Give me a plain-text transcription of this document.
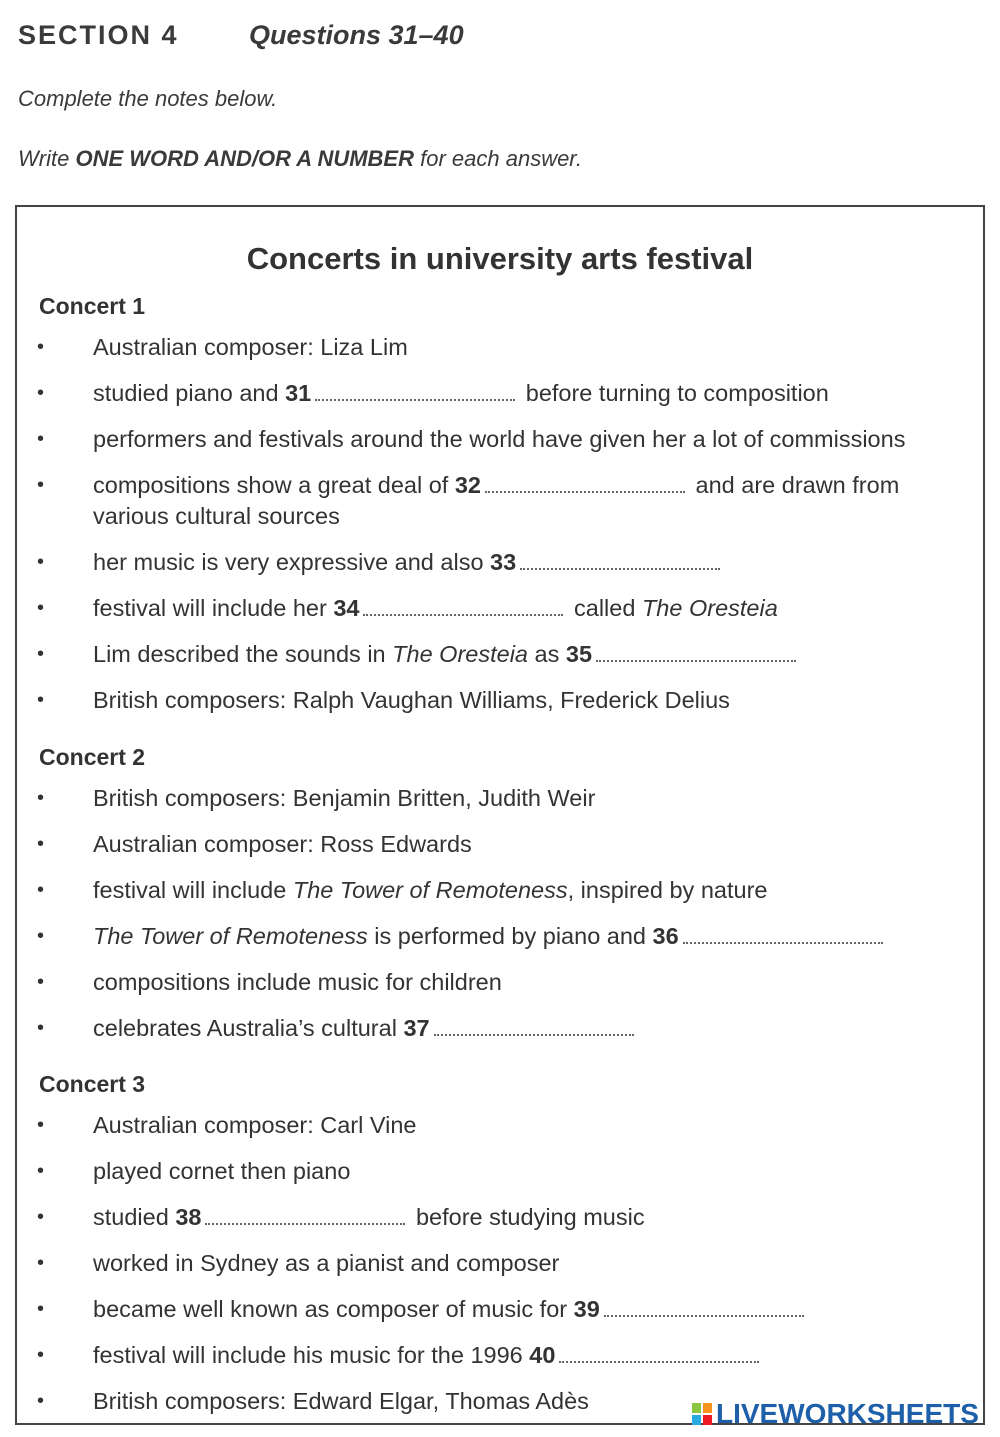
SECTION 4	Questions 31–40
Complete the notes below.
Write ONE WORD AND/OR A NUMBER for each answer.
Concerts in university arts festival
Concert 1
• Australian composer: Liza Lim
• studied piano and 31	before turning to composition
• performers and festivals around the world have given her a lot of commissions
• compositions show a great deal of 32	and are drawn from various cultural sources
• her music is very expressive and also 33
• festival will include her 34	called The Oresteia
• Lim described the sounds in The Oresteia as 35
• British composers: Ralph Vaughan Williams, Frederick Delius
Concert 2
• British composers: Benjamin Britten, Judith Weir
• Australian composer: Ross Edwards
• festival will include The Tower of Remoteness, inspired by nature
• The Tower of Remoteness is performed by piano and 36
• compositions include music for children
• celebrates Australia’s cultural 37
Concert 3
• Australian composer: Carl Vine
• played cornet then piano
• studied 38	before studying music
• worked in Sydney as a pianist and composer
• became well known as composer of music for 39
• festival will include his music for the 1996 40
• British composers: Edward Elgar, Thomas Adès	LIVEWORKSHEETS
